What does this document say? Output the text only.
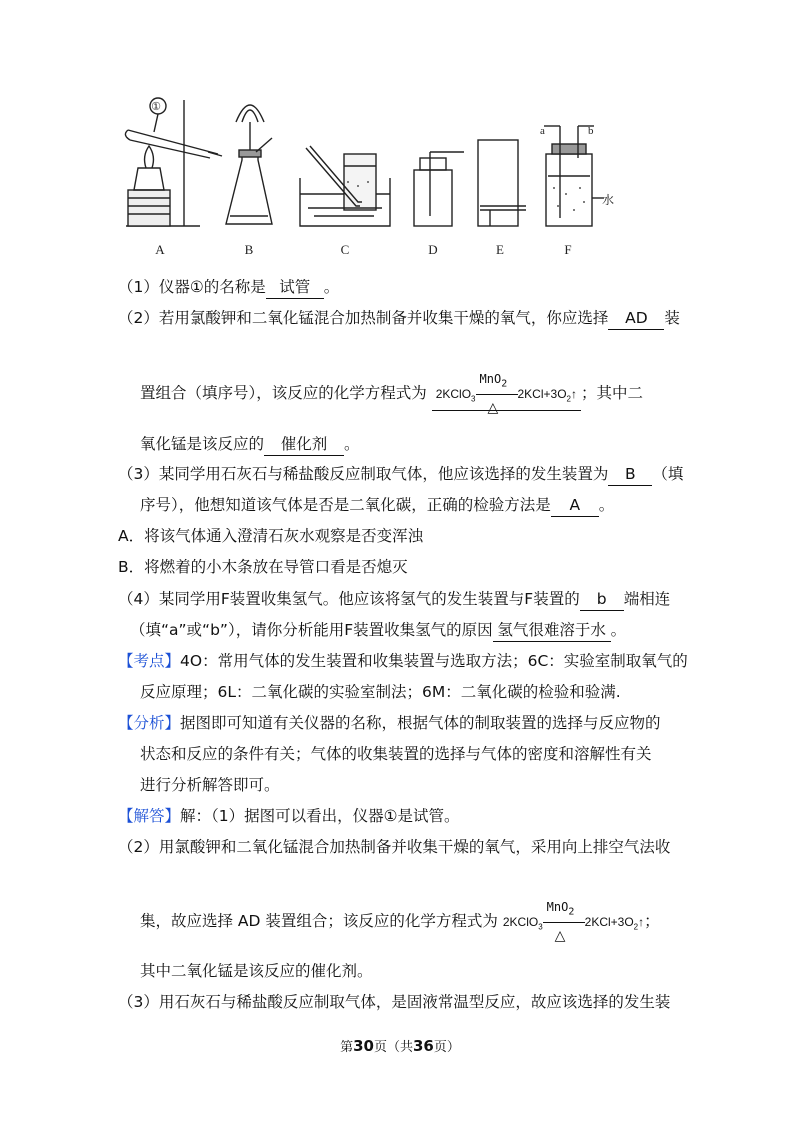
①
A	B	C	D	E	F
a	b
水
（1）仪器①的名称是 试管 。
（2）若用氯酸钾和二氧化锰混合加热制备并收集干燥的氧气，你应选择 AD 装
置组合（填序号），该反应的化学方程式为 2KClO$_3$
MnO$_2$
△
$2KCl+3O_2↑$ ；其中二
氧化锰是该反应的 催化剂 。
（3）某同学用石灰石与稀盐酸反应制取气体，他应该选择的发生装置为 B （填
序号），他想知道该气体是否是二氧化碳，正确的检验方法是 A 。
A．将该气体通入澄清石灰水观察是否变浑浊
B．将燃着的小木条放在导管口看是否熄灭
（4）某同学用F装置收集氢气。他应该将氢气的发生装置与F装置的 b 端相连
（填“a”或“b”），请你分析能用F装置收集氢气的原因 氢气很难溶于水 。
【考点】4O：常用气体的发生装置和收集装置与选取方法；6C：实验室制取氧气的
反应原理；6L：二氧化碳的实验室制法；6M：二氧化碳的检验和验满.
【分析】据图即可知道有关仪器的名称，根据气体的制取装置的选择与反应物的
状态和反应的条件有关；气体的收集装置的选择与气体的密度和溶解性有关
进行分析解答即可。
【解答】解：（1）据图可以看出，仪器①是试管。
（2）用氯酸钾和二氧化锰混合加热制备并收集干燥的氧气，采用向上排空气法收
集，故应选择 AD 装置组合；该反应的化学方程式为 2KClO$_3$
MnO$_2$
△
$2KCl+3O_2↑$；
其中二氧化锰是该反应的催化剂。
（3）用石灰石与稀盐酸反应制取气体，是固液常温型反应，故应该选择的发生装
第30页（共36页）
